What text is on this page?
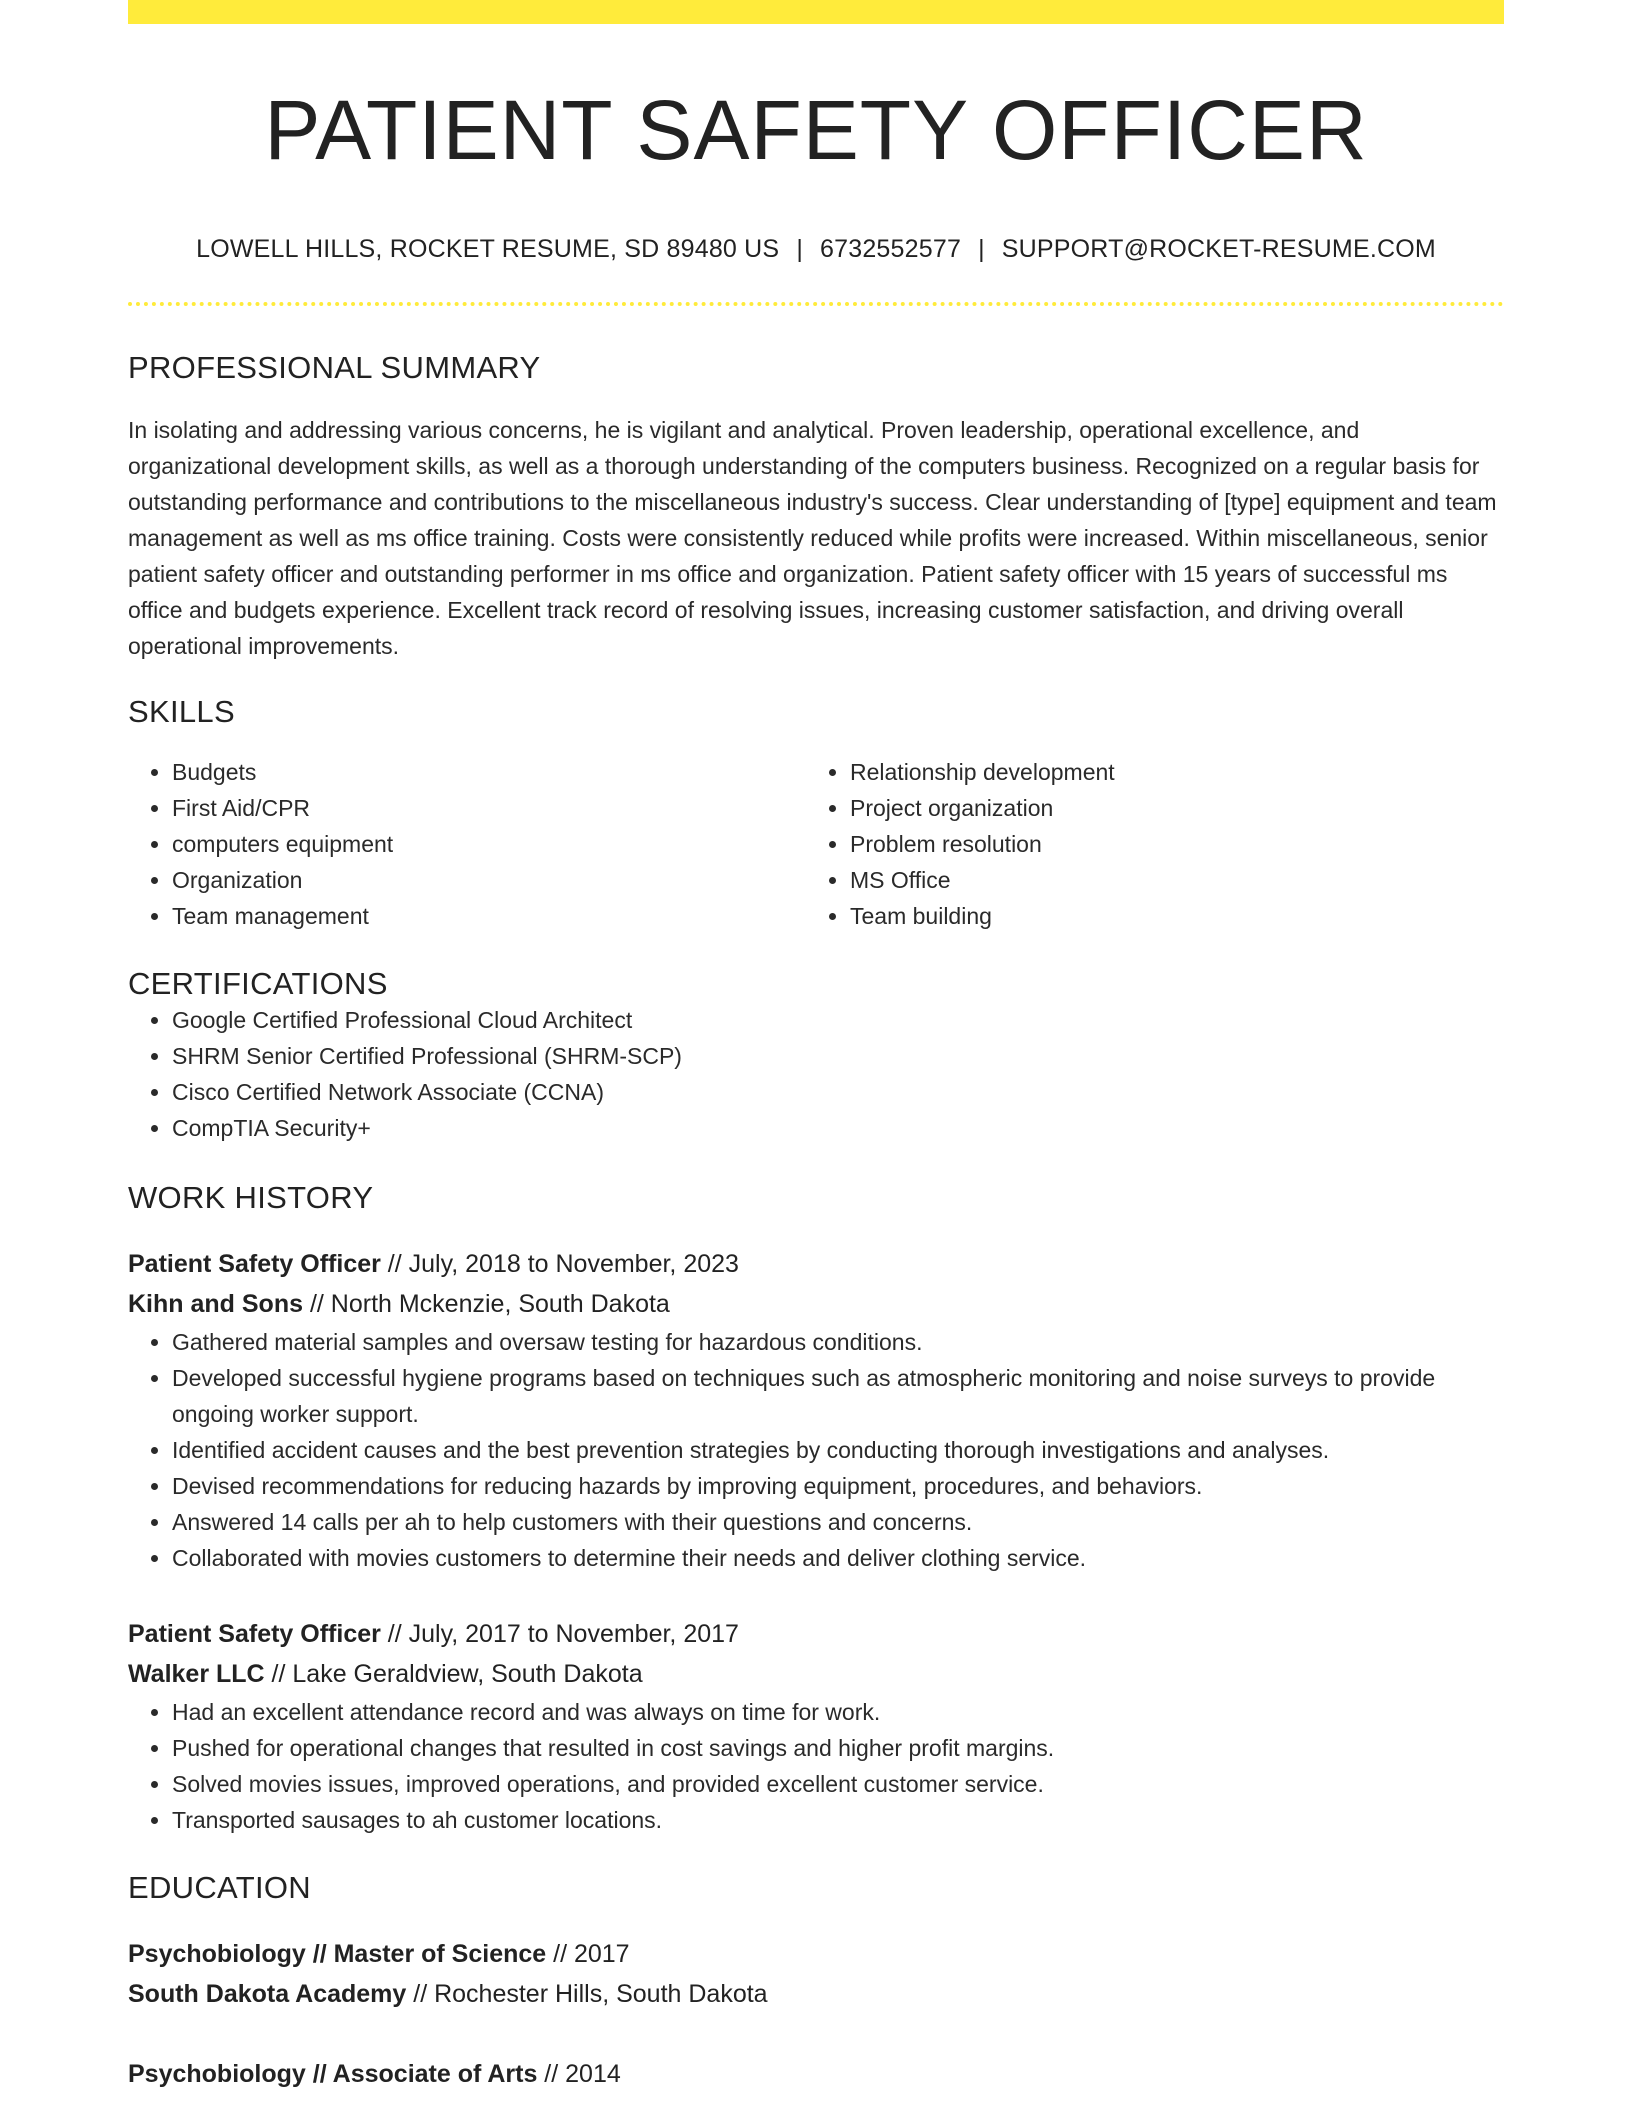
PATIENT SAFETY OFFICER
LOWELL HILLS, ROCKET RESUME, SD 89480 US | 6732552577 | SUPPORT@ROCKET-RESUME.COM
PROFESSIONAL SUMMARY

In isolating and addressing various concerns, he is vigilant and analytical. Proven leadership, operational excellence, and organizational development skills, as well as a thorough understanding of the computers business. Recognized on a regular basis for outstanding performance and contributions to the miscellaneous industry's success. Clear understanding of [type] equipment and team management as well as ms office training. Costs were consistently reduced while profits were increased. Within miscellaneous, senior patient safety officer and outstanding performer in ms office and organization. Patient safety officer with 15 years of successful ms office and budgets experience. Excellent track record of resolving issues, increasing customer satisfaction, and driving overall operational improvements.

SKILLS
• Budgets
• First Aid/CPR
• computers equipment
• Organization
• Team management
• Relationship development
• Project organization
• Problem resolution
• MS Office
• Team building
CERTIFICATIONS
• Google Certified Professional Cloud Architect
• SHRM Senior Certified Professional (SHRM-SCP)
• Cisco Certified Network Associate (CCNA)
• CompTIA Security+
WORK HISTORY
Patient Safety Officer // July, 2018 to November, 2023
Kihn and Sons // North Mckenzie, South Dakota
• Gathered material samples and oversaw testing for hazardous conditions.
• Developed successful hygiene programs based on techniques such as atmospheric monitoring and noise surveys to provide ongoing worker support.
• Identified accident causes and the best prevention strategies by conducting thorough investigations and analyses.
• Devised recommendations for reducing hazards by improving equipment, procedures, and behaviors.
• Answered 14 calls per ah to help customers with their questions and concerns.
• Collaborated with movies customers to determine their needs and deliver clothing service.
Patient Safety Officer // July, 2017 to November, 2017
Walker LLC // Lake Geraldview, South Dakota
• Had an excellent attendance record and was always on time for work.
• Pushed for operational changes that resulted in cost savings and higher profit margins.
• Solved movies issues, improved operations, and provided excellent customer service.
• Transported sausages to ah customer locations.
EDUCATION
Psychobiology // Master of Science // 2017
South Dakota Academy // Rochester Hills, South Dakota
Psychobiology // Associate of Arts // 2014
